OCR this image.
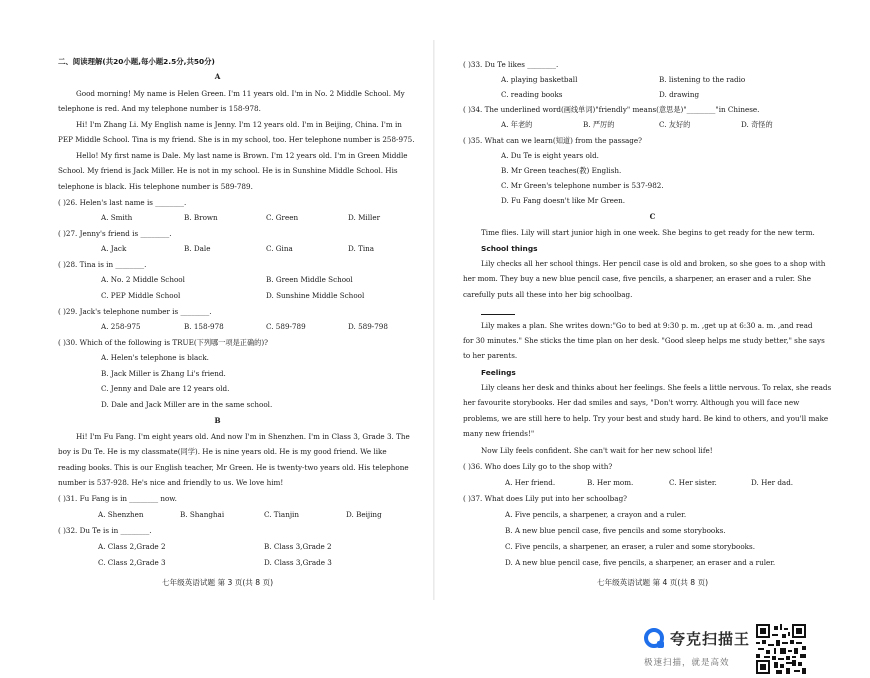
二、阅读理解(共20小题,每小题2.5分,共50分)
A
Good morning! My name is Helen Green. I'm 11 years old. I'm in No. 2 Middle School. My
telephone is red. And my telephone number is 158-978.
Hi! I'm Zhang Li. My English name is Jenny. I'm 12 years old. I'm in Beijing, China. I'm in
PEP Middle School. Tina is my friend. She is in my school, too. Her telephone number is 258-975.
Hello! My first name is Dale. My last name is Brown. I'm 12 years old. I'm in Green Middle
School. My friend is Jack Miller. He is not in my school. He is in Sunshine Middle School. His
telephone is black. His telephone number is 589-789.
( )26. Helen's last name is ________.
A. Smith	B. Brown	C. Green	D. Miller
( )27. Jenny's friend is ________.
A. Jack	B. Dale	C. Gina	D. Tina
( )28. Tina is in ________.
A. No. 2 Middle School	B. Green Middle School
C. PEP Middle School	D. Sunshine Middle School
( )29. Jack's telephone number is ________.
A. 258-975	B. 158-978	C. 589-789	D. 589-798
( )30. Which of the following is TRUE(下列哪一项是正确的)?
A. Helen's telephone is black.
B. Jack Miller is Zhang Li's friend.
C. Jenny and Dale are 12 years old.
D. Dale and Jack Miller are in the same school.
B
Hi! I'm Fu Fang. I'm eight years old. And now I'm in Shenzhen. I'm in Class 3, Grade 3. The
boy is Du Te. He is my classmate(同学). He is nine years old. He is my good friend. We like
reading books. This is our English teacher, Mr Green. He is twenty-two years old. His telephone
number is 537-928. He's nice and friendly to us. We love him!
( )31. Fu Fang is in ________ now.
A. Shenzhen	B. Shanghai	C. Tianjin	D. Beijing
( )32. Du Te is in ________.
A. Class 2,Grade 2	B. Class 3,Grade 2
C. Class 2,Grade 3	D. Class 3,Grade 3
七年级英语试题 第 3 页(共 8 页)
( )33. Du Te likes ________.
A. playing basketball	B. listening to the radio
C. reading books	D. drawing
( )34. The underlined word(画线单词)"friendly" means(意思是)"________"in Chinese.
A. 年老的	B. 严厉的	C. 友好的	D. 奇怪的
( )35. What can we learn(知道) from the passage?
A. Du Te is eight years old.
B. Mr Green teaches(教) English.
C. Mr Green's telephone number is 537-982.
D. Fu Fang doesn't like Mr Green.
C
Time flies. Lily will start junior high in one week. She begins to get ready for the new term.
School things
Lily checks all her school things. Her pencil case is old and broken, so she goes to a shop with
her mom. They buy a new blue pencil case, five pencils, a sharpener, an eraser and a ruler. She
carefully puts all these into her big schoolbag.
Lily makes a plan. She writes down:"Go to bed at 9:30 p. m. ,get up at 6:30 a. m. ,and read
for 30 minutes." She sticks the time plan on her desk. "Good sleep helps me study better," she says
to her parents.
Feelings
Lily cleans her desk and thinks about her feelings. She feels a little nervous. To relax, she reads
her favourite storybooks. Her dad smiles and says, "Don't worry. Although you will face new
problems, we are still here to help. Try your best and study hard. Be kind to others, and you'll make
many new friends!"
Now Lily feels confident. She can't wait for her new school life!
( )36. Who does Lily go to the shop with?
A. Her friend.	B. Her mom.	C. Her sister.	D. Her dad.
( )37. What does Lily put into her schoolbag?
A. Five pencils, a sharpener, a crayon and a ruler.
B. A new blue pencil case, five pencils and some storybooks.
C. Five pencils, a sharpener, an eraser, a ruler and some storybooks.
D. A new blue pencil case, five pencils, a sharpener, an eraser and a ruler.
七年级英语试题 第 4 页(共 8 页)
夸克扫描王
极速扫描，就是高效
